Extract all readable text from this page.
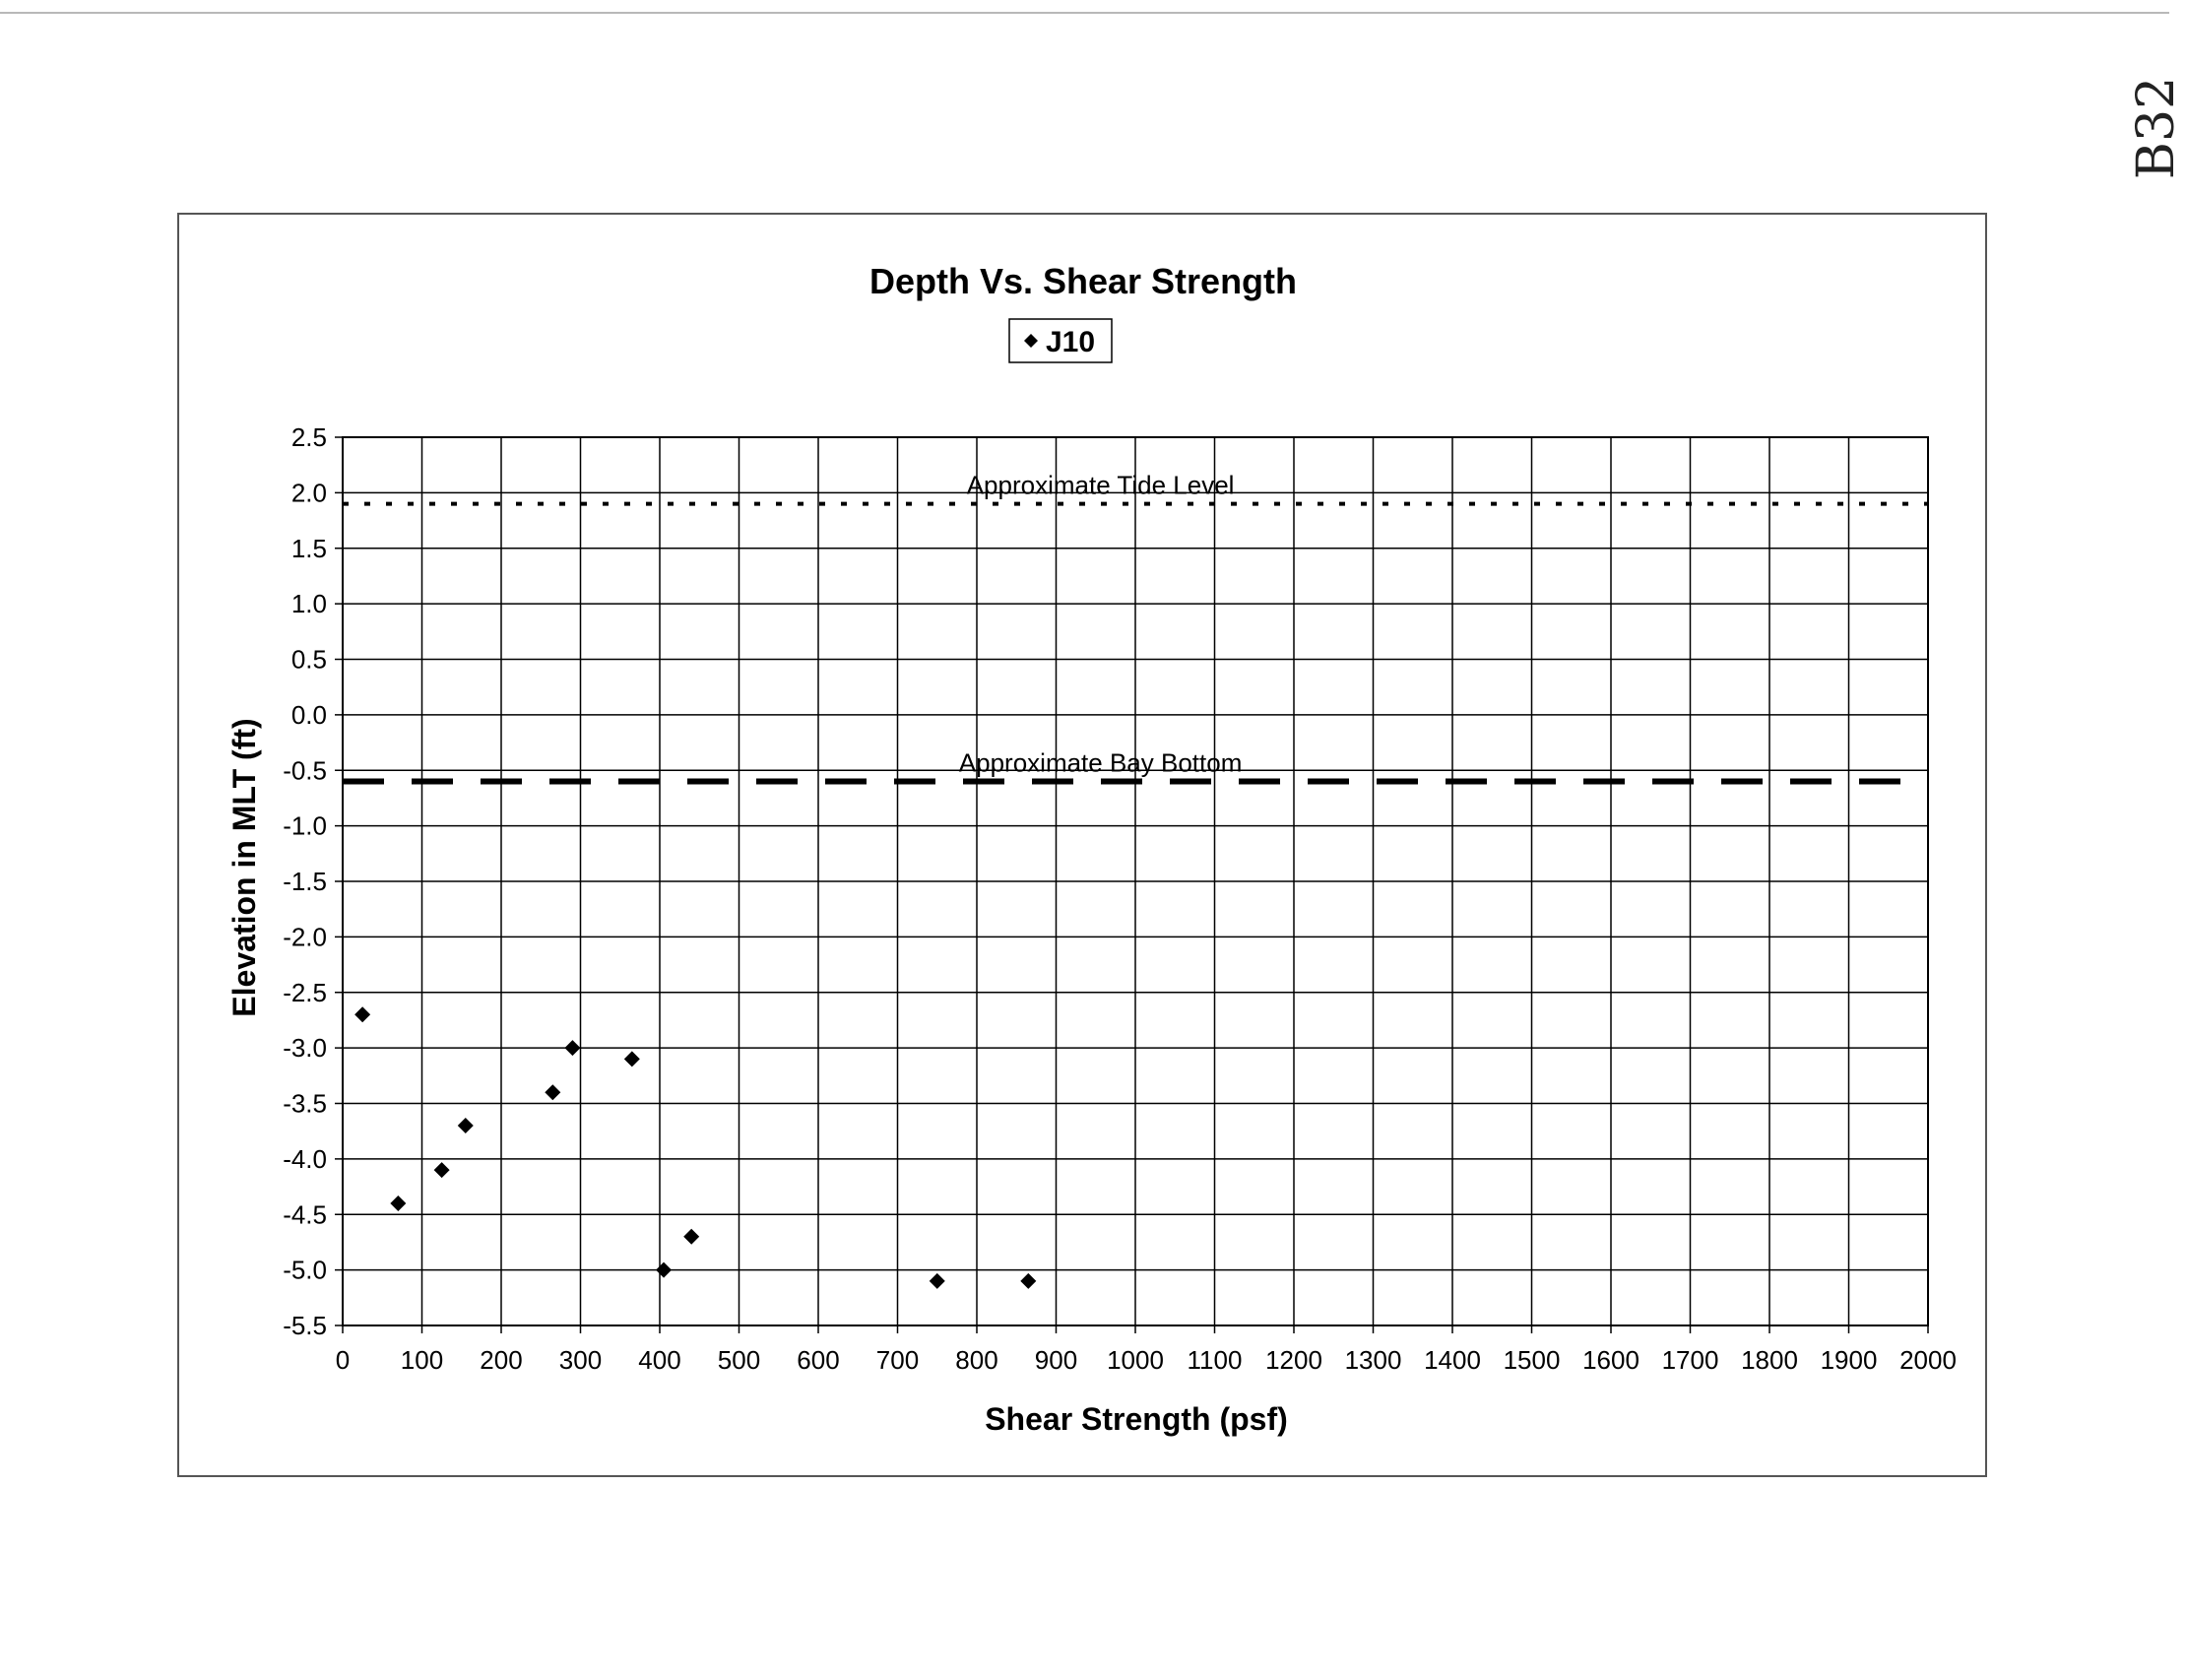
B32
Depth Vs. Shear Strength
J10
Approximate Tide Level
Approximate Bay Bottom
2.5
2.0
1.5
1.0
0.5
0.0
-0.5
-1.0
-1.5
-2.0
-2.5
-3.0
-3.5
-4.0
-4.5
-5.0
-5.5
0 100 200 300 400 500 600 700 800 900 1000 1100 1200 1300 1400 1500 1600 1700 1800 1900 2000
Shear Strength (psf)
Elevation in MLT (ft)
